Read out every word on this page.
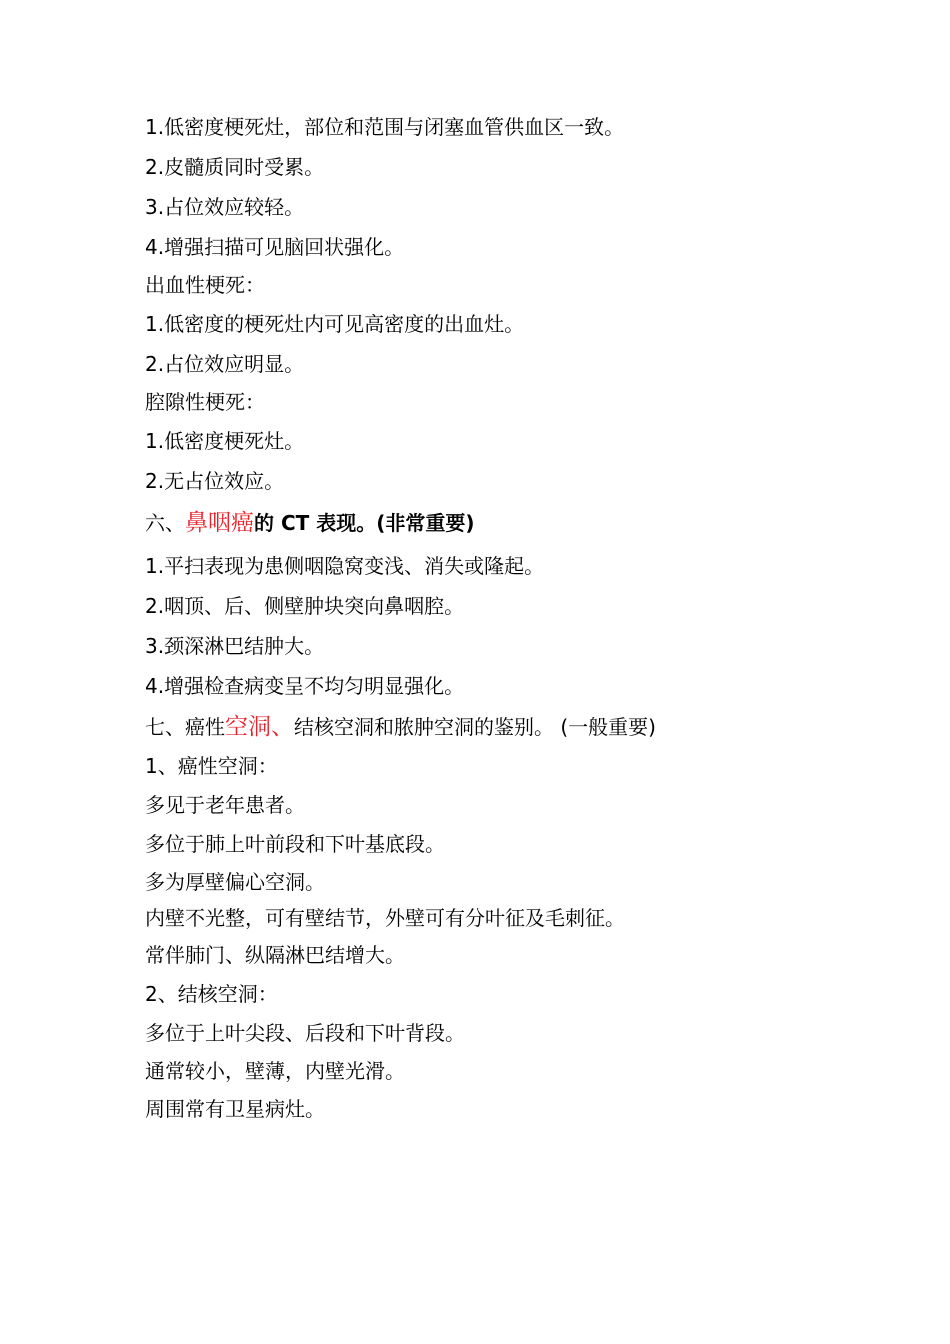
1.低密度梗死灶，部位和范围与闭塞血管供血区一致。
2.皮髓质同时受累。
3.占位效应较轻。
4.增强扫描可见脑回状强化。
出血性梗死：
1.低密度的梗死灶内可见高密度的出血灶。
2.占位效应明显。
腔隙性梗死：
1.低密度梗死灶。
2.无占位效应。
六、鼻咽癌的 CT 表现。(非常重要)
1.平扫表现为患侧咽隐窝变浅、消失或隆起。
2.咽顶、后、侧壁肿块突向鼻咽腔。
3.颈深淋巴结肿大。
4.增强检查病变呈不均匀明显强化。
七、癌性空洞、结核空洞和脓肿空洞的鉴别。 (一般重要)
1、癌性空洞：
多见于老年患者。
多位于肺上叶前段和下叶基底段。
多为厚壁偏心空洞。
内壁不光整，可有壁结节，外壁可有分叶征及毛刺征。
常伴肺门、纵隔淋巴结增大。
2、结核空洞：
多位于上叶尖段、后段和下叶背段。
通常较小，壁薄，内壁光滑。
周围常有卫星病灶。
